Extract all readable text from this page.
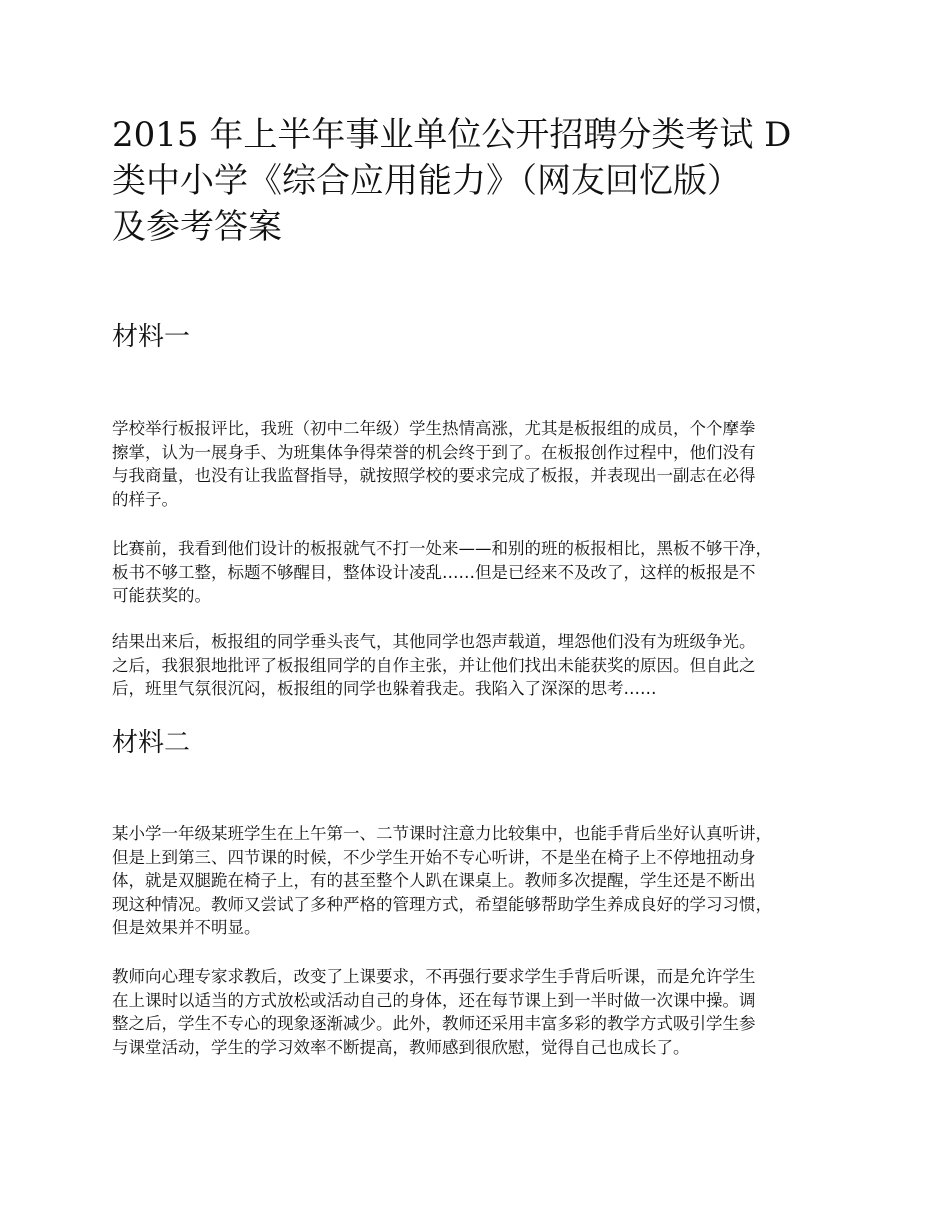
2015 年上半年事业单位公开招聘分类考试 D
类中小学《综合应用能力》（网友回忆版）
及参考答案
材料一

学校举行板报评比，我班（初中二年级）学生热情高涨，尤其是板报组的成员，个个摩拳
擦掌，认为一展身手、为班集体争得荣誉的机会终于到了。在板报创作过程中，他们没有
与我商量，也没有让我监督指导，就按照学校的要求完成了板报，并表现出一副志在必得
的样子。

比赛前，我看到他们设计的板报就气不打一处来——和别的班的板报相比，黑板不够干净，
板书不够工整，标题不够醒目，整体设计凌乱……但是已经来不及改了，这样的板报是不
可能获奖的。

结果出来后，板报组的同学垂头丧气，其他同学也怨声载道，埋怨他们没有为班级争光。
之后，我狠狠地批评了板报组同学的自作主张，并让他们找出未能获奖的原因。但自此之
后，班里气氛很沉闷，板报组的同学也躲着我走。我陷入了深深的思考……

材料二

某小学一年级某班学生在上午第一、二节课时注意力比较集中，也能手背后坐好认真听讲，
但是上到第三、四节课的时候，不少学生开始不专心听讲，不是坐在椅子上不停地扭动身
体，就是双腿跪在椅子上，有的甚至整个人趴在课桌上。教师多次提醒，学生还是不断出
现这种情况。教师又尝试了多种严格的管理方式，希望能够帮助学生养成良好的学习习惯，
但是效果并不明显。

教师向心理专家求教后，改变了上课要求，不再强行要求学生手背后听课，而是允许学生
在上课时以适当的方式放松或活动自己的身体，还在每节课上到一半时做一次课中操。调
整之后，学生不专心的现象逐渐减少。此外，教师还采用丰富多彩的教学方式吸引学生参
与课堂活动，学生的学习效率不断提高，教师感到很欣慰，觉得自己也成长了。
